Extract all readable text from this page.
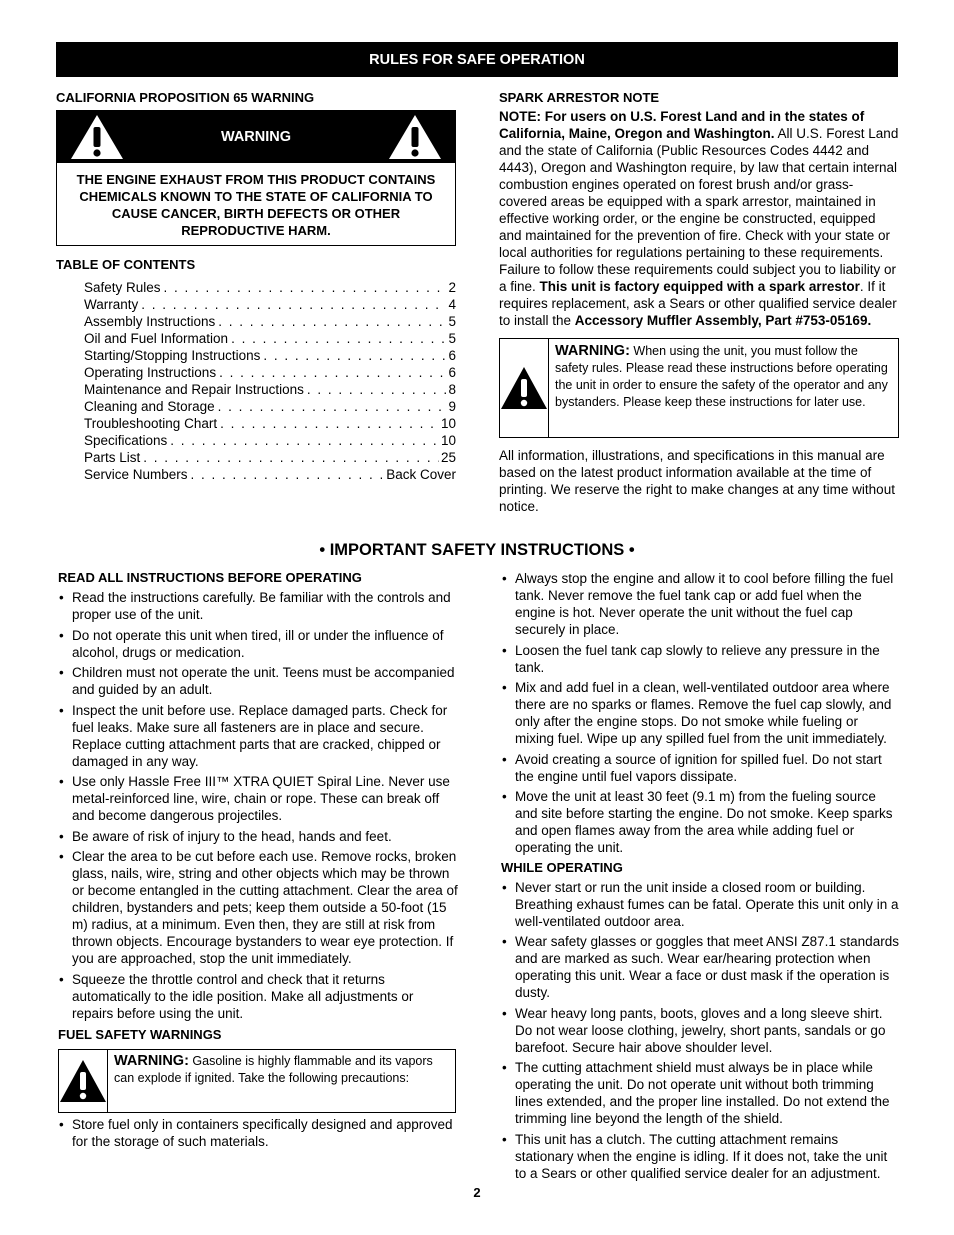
RULES FOR SAFE OPERATION

CALIFORNIA PROPOSITION 65 WARNING

WARNING
THE ENGINE EXHAUST FROM THIS PRODUCT CONTAINS CHEMICALS KNOWN TO THE STATE OF CALIFORNIA TO CAUSE CANCER, BIRTH DEFECTS OR OTHER REPRODUCTIVE HARM.

TABLE OF CONTENTS

Safety Rules . . .	2
Warranty . . .	4
Assembly Instructions . . .	5
Oil and Fuel Information . . .	5
Starting/Stopping Instructions . . .	6
Operating Instructions . . .	6
Maintenance and Repair Instructions . . .	8
Cleaning and Storage . . .	9
Troubleshooting Chart . . .	10
Specifications . . .	10
Parts List . . .	25
Service Numbers . . .	Back Cover

SPARK ARRESTOR NOTE

NOTE: For users on U.S. Forest Land and in the states of California, Maine, Oregon and Washington. All U.S. Forest Land and the state of California (Public Resources Codes 4442 and 4443), Oregon and Washington require, by law that certain internal combustion engines operated on forest brush and/or grass-covered areas be equipped with a spark arrestor, maintained in effective working order, or the engine be constructed, equipped and maintained for the prevention of fire. Check with your state or local authorities for regulations pertaining to these requirements. Failure to follow these requirements could subject you to liability or a fine. This unit is factory equipped with a spark arrestor. If it requires replacement, ask a Sears or other qualified service dealer to install the Accessory Muffler Assembly, Part #753-05169.

WARNING: When using the unit, you must follow the safety rules. Please read these instructions before operating the unit in order to ensure the safety of the operator and any bystanders. Please keep these instructions for later use.

All information, illustrations, and specifications in this manual are based on the latest product information available at the time of printing. We reserve the right to make changes at any time without notice.

• IMPORTANT SAFETY INSTRUCTIONS •

READ ALL INSTRUCTIONS BEFORE OPERATING

• Read the instructions carefully. Be familiar with the controls and proper use of the unit.
• Do not operate this unit when tired, ill or under the influence of alcohol, drugs or medication.
• Children must not operate the unit. Teens must be accompanied and guided by an adult.
• Inspect the unit before use. Replace damaged parts. Check for fuel leaks. Make sure all fasteners are in place and secure. Replace cutting attachment parts that are cracked, chipped or damaged in any way.
• Use only Hassle Free III™ XTRA QUIET Spiral Line. Never use metal-reinforced line, wire, chain or rope. These can break off and become dangerous projectiles.
• Be aware of risk of injury to the head, hands and feet.
• Clear the area to be cut before each use. Remove rocks, broken glass, nails, wire, string and other objects which may be thrown or become entangled in the cutting attachment. Clear the area of children, bystanders and pets; keep them outside a 50-foot (15 m) radius, at a minimum. Even then, they are still at risk from thrown objects. Encourage bystanders to wear eye protection. If you are approached, stop the unit immediately.
• Squeeze the throttle control and check that it returns automatically to the idle position. Make all adjustments or repairs before using the unit.

FUEL SAFETY WARNINGS

WARNING: Gasoline is highly flammable and its vapors can explode if ignited. Take the following precautions:
• Store fuel only in containers specifically designed and approved for the storage of such materials.
• Always stop the engine and allow it to cool before filling the fuel tank. Never remove the fuel tank cap or add fuel when the engine is hot. Never operate the unit without the fuel cap securely in place.
• Loosen the fuel tank cap slowly to relieve any pressure in the tank.
• Mix and add fuel in a clean, well-ventilated outdoor area where there are no sparks or flames. Remove the fuel cap slowly, and only after the engine stops. Do not smoke while fueling or mixing fuel. Wipe up any spilled fuel from the unit immediately.
• Avoid creating a source of ignition for spilled fuel. Do not start the engine until fuel vapors dissipate.
• Move the unit at least 30 feet (9.1 m) from the fueling source and site before starting the engine. Do not smoke. Keep sparks and open flames away from the area while adding fuel or operating the unit.

WHILE OPERATING

• Never start or run the unit inside a closed room or building. Breathing exhaust fumes can be fatal. Operate this unit only in a well-ventilated outdoor area.
• Wear safety glasses or goggles that meet ANSI Z87.1 standards and are marked as such. Wear ear/hearing protection when operating this unit. Wear a face or dust mask if the operation is dusty.
• Wear heavy long pants, boots, gloves and a long sleeve shirt. Do not wear loose clothing, jewelry, short pants, sandals or go barefoot. Secure hair above shoulder level.
• The cutting attachment shield must always be in place while operating the unit. Do not operate unit without both trimming lines extended, and the proper line installed. Do not extend the trimming line beyond the length of the shield.
• This unit has a clutch. The cutting attachment remains stationary when the engine is idling. If it does not, take the unit to a Sears or other qualified service dealer for an adjustment.
2
